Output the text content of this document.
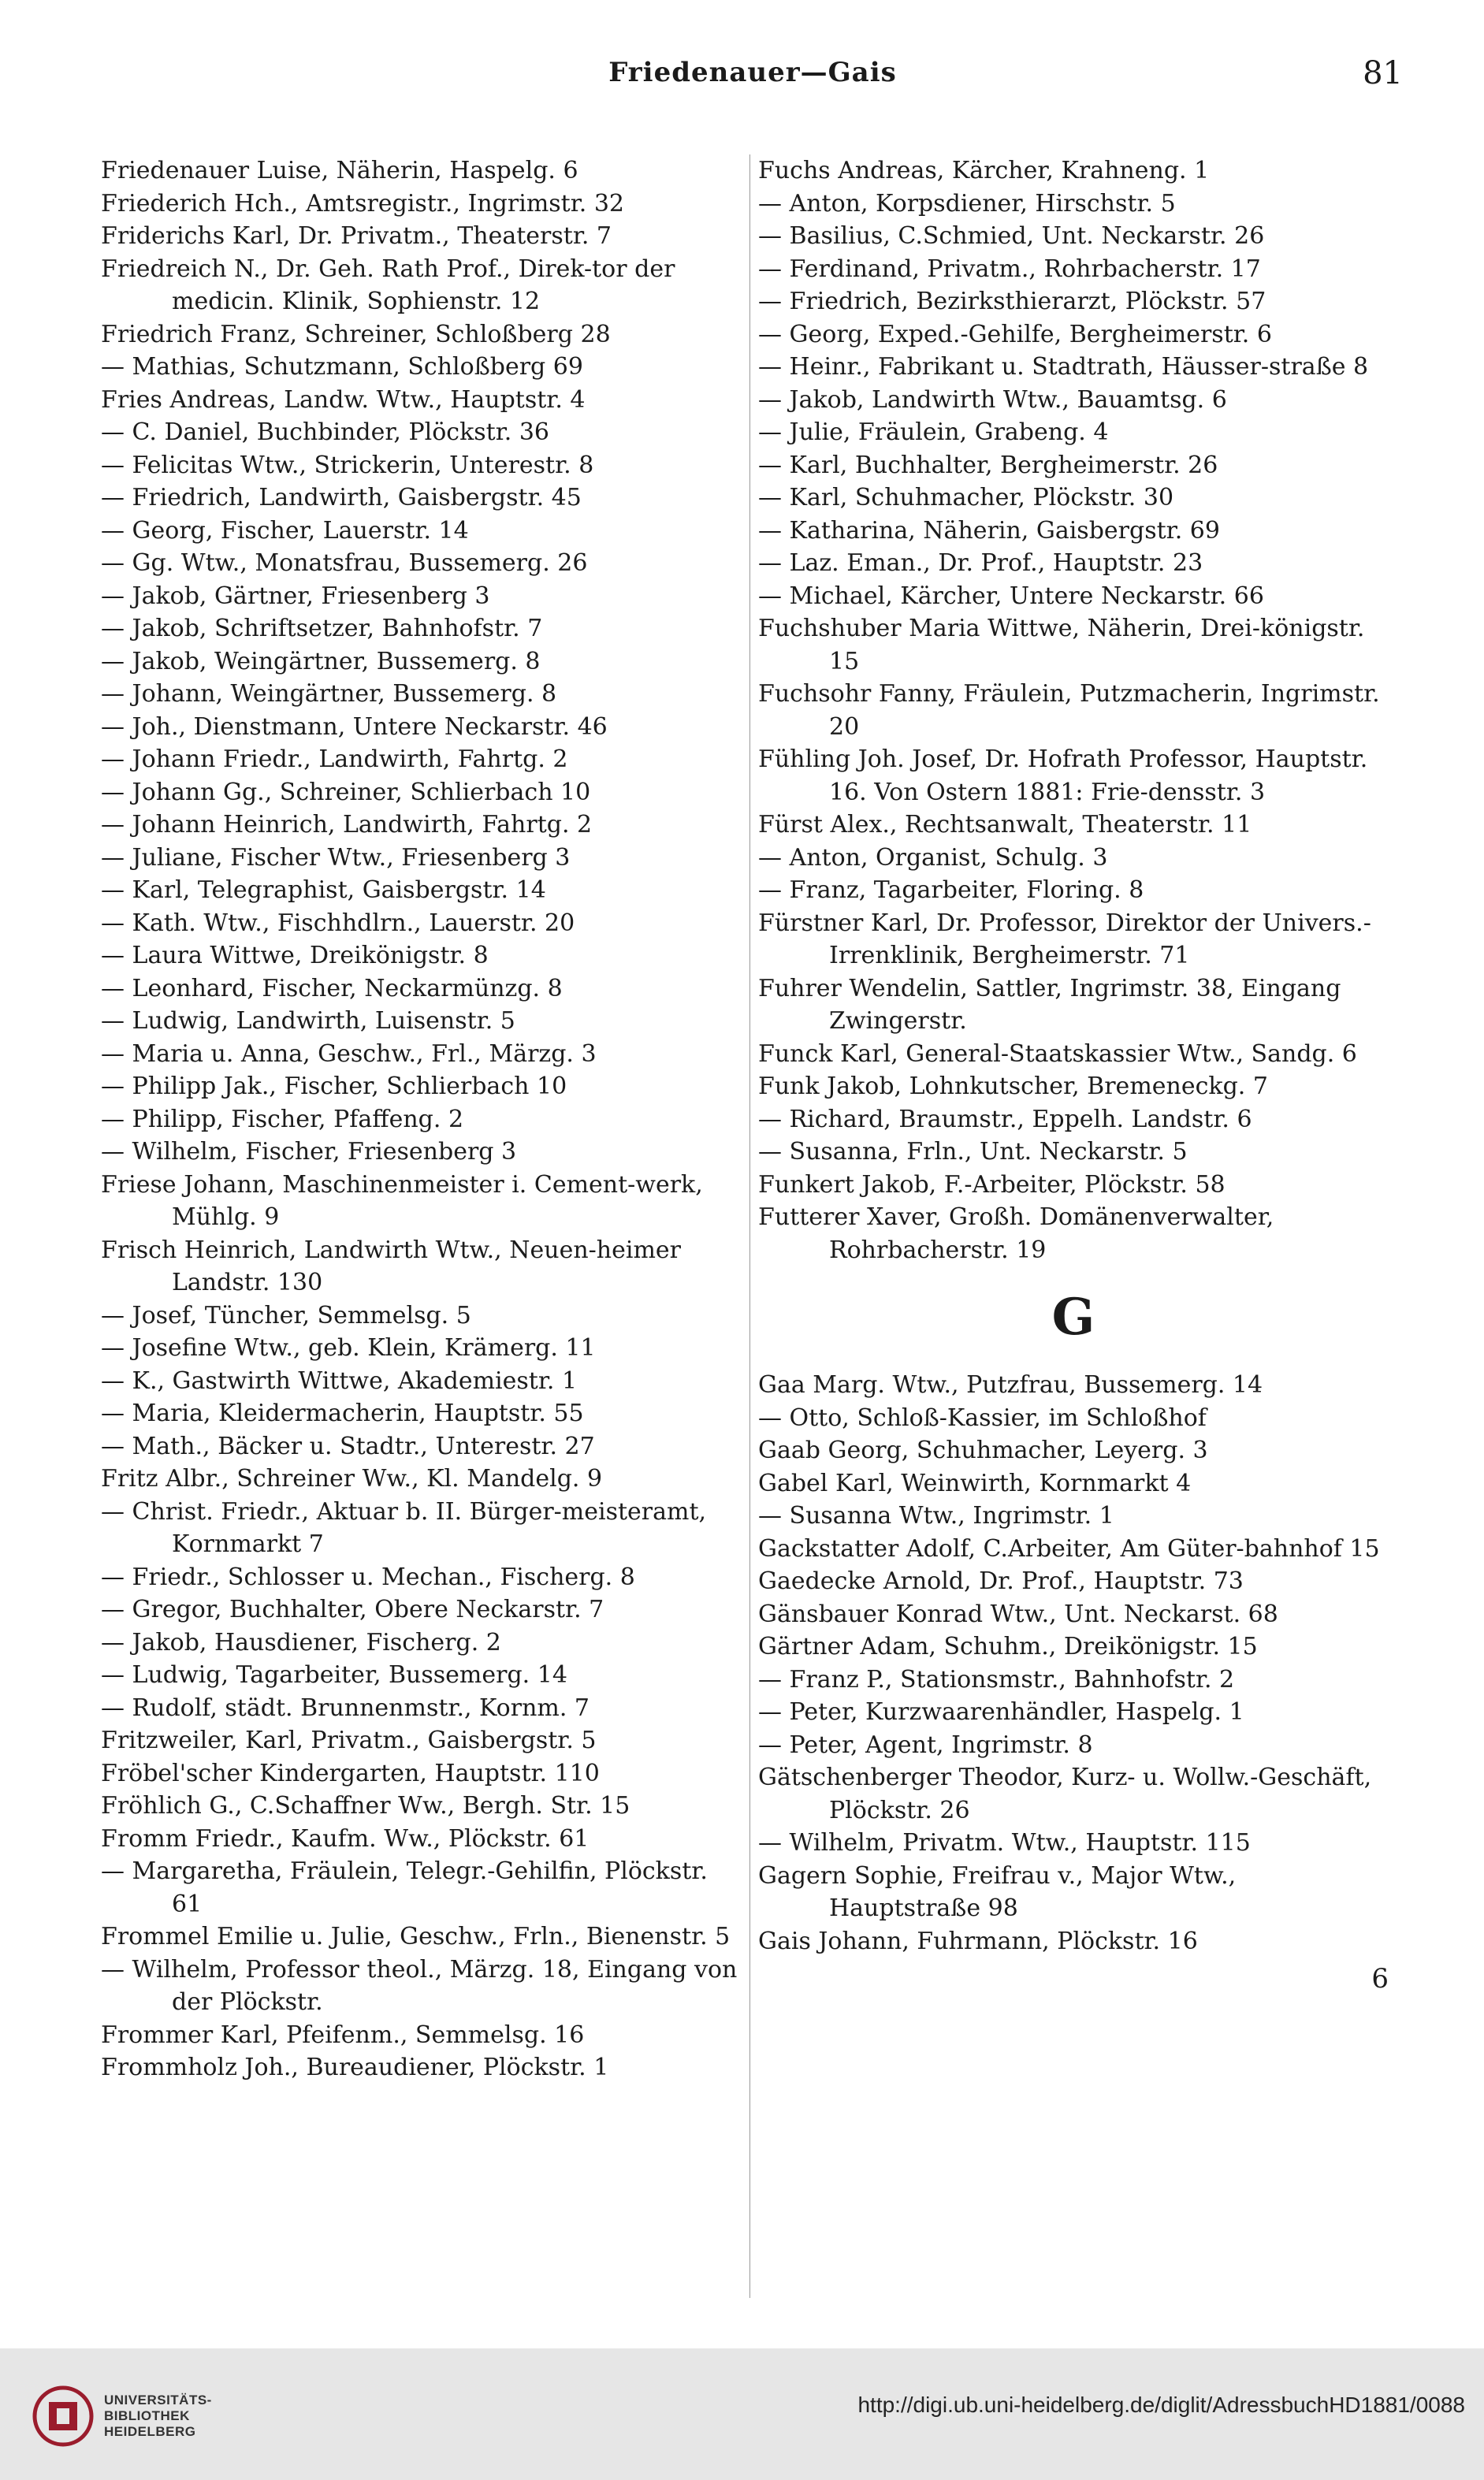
Friedenauer—Gais	81

Friedenauer Luise, Näherin, Haspelg. 6

Friederich Hch., Amtsregistr., Ingrimstr. 32

Friderichs Karl, Dr. Privatm., Theaterstr. 7

Friedreich N., Dr. Geh. Rath Prof., Direk-tor der medicin. Klinik, Sophienstr. 12

Friedrich Franz, Schreiner, Schloßberg 28

— Mathias, Schutzmann, Schloßberg 69

Fries Andreas, Landw. Wtw., Hauptstr. 4

— C. Daniel, Buchbinder, Plöckstr. 36

— Felicitas Wtw., Strickerin, Unterestr. 8

— Friedrich, Landwirth, Gaisbergstr. 45

— Georg, Fischer, Lauerstr. 14

— Gg. Wtw., Monatsfrau, Bussemerg. 26

— Jakob, Gärtner, Friesenberg 3

— Jakob, Schriftsetzer, Bahnhofstr. 7

— Jakob, Weingärtner, Bussemerg. 8

— Johann, Weingärtner, Bussemerg. 8

— Joh., Dienstmann, Untere Neckarstr. 46

— Johann Friedr., Landwirth, Fahrtg. 2

— Johann Gg., Schreiner, Schlierbach 10

— Johann Heinrich, Landwirth, Fahrtg. 2

— Juliane, Fischer Wtw., Friesenberg 3

— Karl, Telegraphist, Gaisbergstr. 14

— Kath. Wtw., Fischhdlrn., Lauerstr. 20

— Laura Wittwe, Dreikönigstr. 8

— Leonhard, Fischer, Neckarmünzg. 8

— Ludwig, Landwirth, Luisenstr. 5

— Maria u. Anna, Geschw., Frl., Märzg. 3

— Philipp Jak., Fischer, Schlierbach 10

— Philipp, Fischer, Pfaffeng. 2

— Wilhelm, Fischer, Friesenberg 3

Friese Johann, Maschinenmeister i. Cement-werk, Mühlg. 9

Frisch Heinrich, Landwirth Wtw., Neuen-heimer Landstr. 130

— Josef, Tüncher, Semmelsg. 5

— Josefine Wtw., geb. Klein, Krämerg. 11

— K., Gastwirth Wittwe, Akademiestr. 1

— Maria, Kleidermacherin, Hauptstr. 55

— Math., Bäcker u. Stadtr., Unterestr. 27

Fritz Albr., Schreiner Ww., Kl. Mandelg. 9

— Christ. Friedr., Aktuar b. II. Bürger-meisteramt, Kornmarkt 7

— Friedr., Schlosser u. Mechan., Fischerg. 8

— Gregor, Buchhalter, Obere Neckarstr. 7

— Jakob, Hausdiener, Fischerg. 2

— Ludwig, Tagarbeiter, Bussemerg. 14

— Rudolf, städt. Brunnenmstr., Kornm. 7

Fritzweiler, Karl, Privatm., Gaisbergstr. 5

Fröbel'scher Kindergarten, Hauptstr. 110

Fröhlich G., C.Schaffner Ww., Bergh. Str. 15

Fromm Friedr., Kaufm. Ww., Plöckstr. 61

— Margaretha, Fräulein, Telegr.-Gehilfin, Plöckstr. 61

Frommel Emilie u. Julie, Geschw., Frln., Bienenstr. 5

— Wilhelm, Professor theol., Märzg. 18, Eingang von der Plöckstr.

Frommer Karl, Pfeifenm., Semmelsg. 16

Frommholz Joh., Bureaudiener, Plöckstr. 1

Fuchs Andreas, Kärcher, Krahneng. 1

— Anton, Korpsdiener, Hirschstr. 5

— Basilius, C.Schmied, Unt. Neckarstr. 26

— Ferdinand, Privatm., Rohrbacherstr. 17

— Friedrich, Bezirksthierarzt, Plöckstr. 57

— Georg, Exped.-Gehilfe, Bergheimerstr. 6

— Heinr., Fabrikant u. Stadtrath, Häusser-straße 8

— Jakob, Landwirth Wtw., Bauamtsg. 6

— Julie, Fräulein, Grabeng. 4

— Karl, Buchhalter, Bergheimerstr. 26

— Karl, Schuhmacher, Plöckstr. 30

— Katharina, Näherin, Gaisbergstr. 69

— Laz. Eman., Dr. Prof., Hauptstr. 23

— Michael, Kärcher, Untere Neckarstr. 66

Fuchshuber Maria Wittwe, Näherin, Drei-königstr. 15

Fuchsohr Fanny, Fräulein, Putzmacherin, Ingrimstr. 20

Fühling Joh. Josef, Dr. Hofrath Professor, Hauptstr. 16. Von Ostern 1881: Frie-densstr. 3

Fürst Alex., Rechtsanwalt, Theaterstr. 11

— Anton, Organist, Schulg. 3

— Franz, Tagarbeiter, Floring. 8

Fürstner Karl, Dr. Professor, Direktor der Univers.-Irrenklinik, Bergheimerstr. 71

Fuhrer Wendelin, Sattler, Ingrimstr. 38, Eingang Zwingerstr.

Funck Karl, General-Staatskassier Wtw., Sandg. 6

Funk Jakob, Lohnkutscher, Bremeneckg. 7

— Richard, Braumstr., Eppelh. Landstr. 6

— Susanna, Frln., Unt. Neckarstr. 5

Funkert Jakob, F.-Arbeiter, Plöckstr. 58

Futterer Xaver, Großh. Domänenverwalter, Rohrbacherstr. 19

G

Gaa Marg. Wtw., Putzfrau, Bussemerg. 14

— Otto, Schloß-Kassier, im Schloßhof

Gaab Georg, Schuhmacher, Leyerg. 3

Gabel Karl, Weinwirth, Kornmarkt 4

— Susanna Wtw., Ingrimstr. 1

Gackstatter Adolf, C.Arbeiter, Am Güter-bahnhof 15

Gaedecke Arnold, Dr. Prof., Hauptstr. 73

Gänsbauer Konrad Wtw., Unt. Neckarst. 68

Gärtner Adam, Schuhm., Dreikönigstr. 15

— Franz P., Stationsmstr., Bahnhofstr. 2

— Peter, Kurzwaarenhändler, Haspelg. 1

— Peter, Agent, Ingrimstr. 8

Gätschenberger Theodor, Kurz- u. Wollw.-Geschäft, Plöckstr. 26

— Wilhelm, Privatm. Wtw., Hauptstr. 115

Gagern Sophie, Freifrau v., Major Wtw., Hauptstraße 98

Gais Johann, Fuhrmann, Plöckstr. 16

6
UNIVERSITÄTS-
BIBLIOTHEK
HEIDELBERG
http://digi.ub.uni-heidelberg.de/diglit/AdressbuchHD1881/0088
